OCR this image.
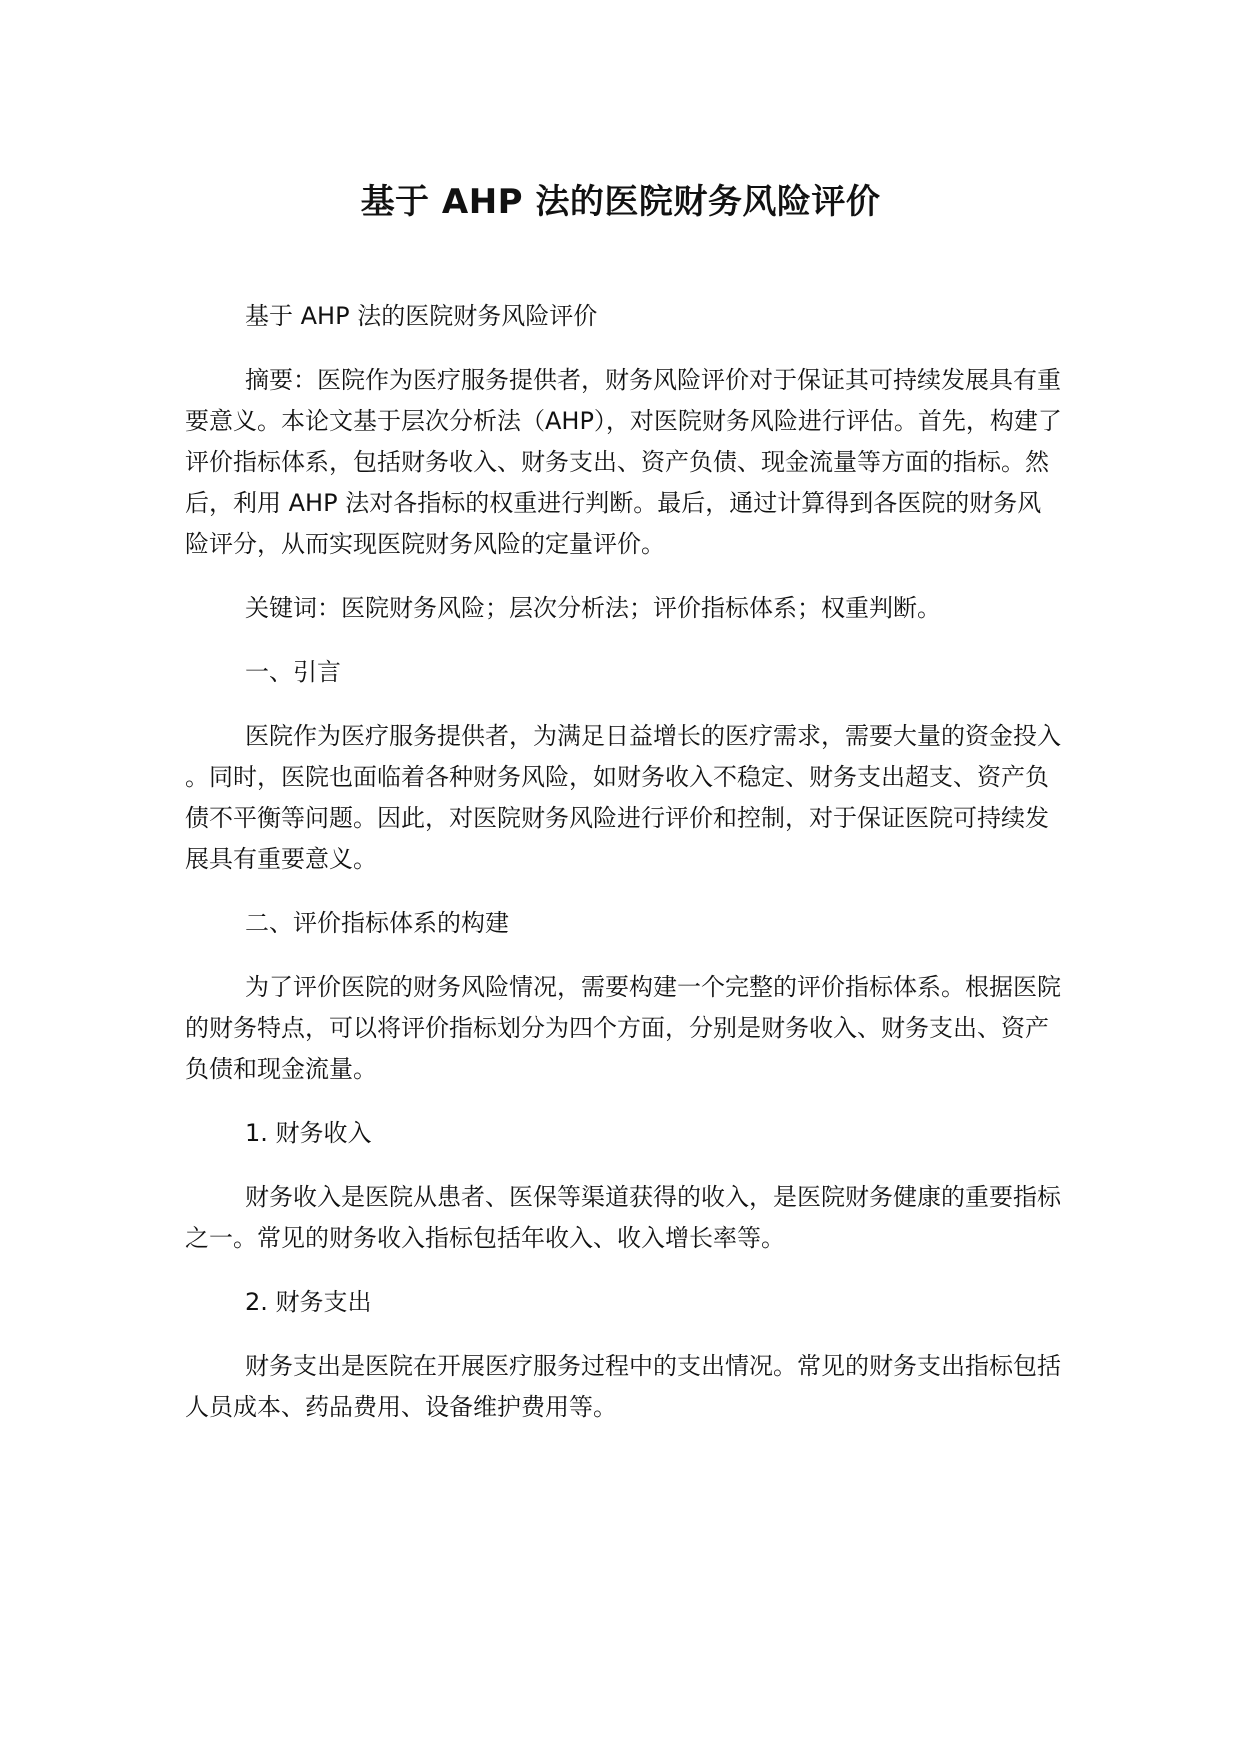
基于 AHP 法的医院财务风险评价

基于 AHP 法的医院财务风险评价

摘要：医院作为医疗服务提供者，财务风险评价对于保证其可持续发展具有重要意义。本论文基于层次分析法（AHP），对医院财务风险进行评估。首先，构建了评价指标体系，包括财务收入、财务支出、资产负债、现金流量等方面的指标。然后，利用 AHP 法对各指标的权重进行判断。最后，通过计算得到各医院的财务风险评分，从而实现医院财务风险的定量评价。

关键词：医院财务风险；层次分析法；评价指标体系；权重判断。

一、引言

医院作为医疗服务提供者，为满足日益增长的医疗需求，需要大量的资金投入。同时，医院也面临着各种财务风险，如财务收入不稳定、财务支出超支、资产负债不平衡等问题。因此，对医院财务风险进行评价和控制，对于保证医院可持续发展具有重要意义。

二、评价指标体系的构建

为了评价医院的财务风险情况，需要构建一个完整的评价指标体系。根据医院的财务特点，可以将评价指标划分为四个方面，分别是财务收入、财务支出、资产负债和现金流量。

1. 财务收入

财务收入是医院从患者、医保等渠道获得的收入，是医院财务健康的重要指标之一。常见的财务收入指标包括年收入、收入增长率等。

2. 财务支出

财务支出是医院在开展医疗服务过程中的支出情况。常见的财务支出指标包括人员成本、药品费用、设备维护费用等。
